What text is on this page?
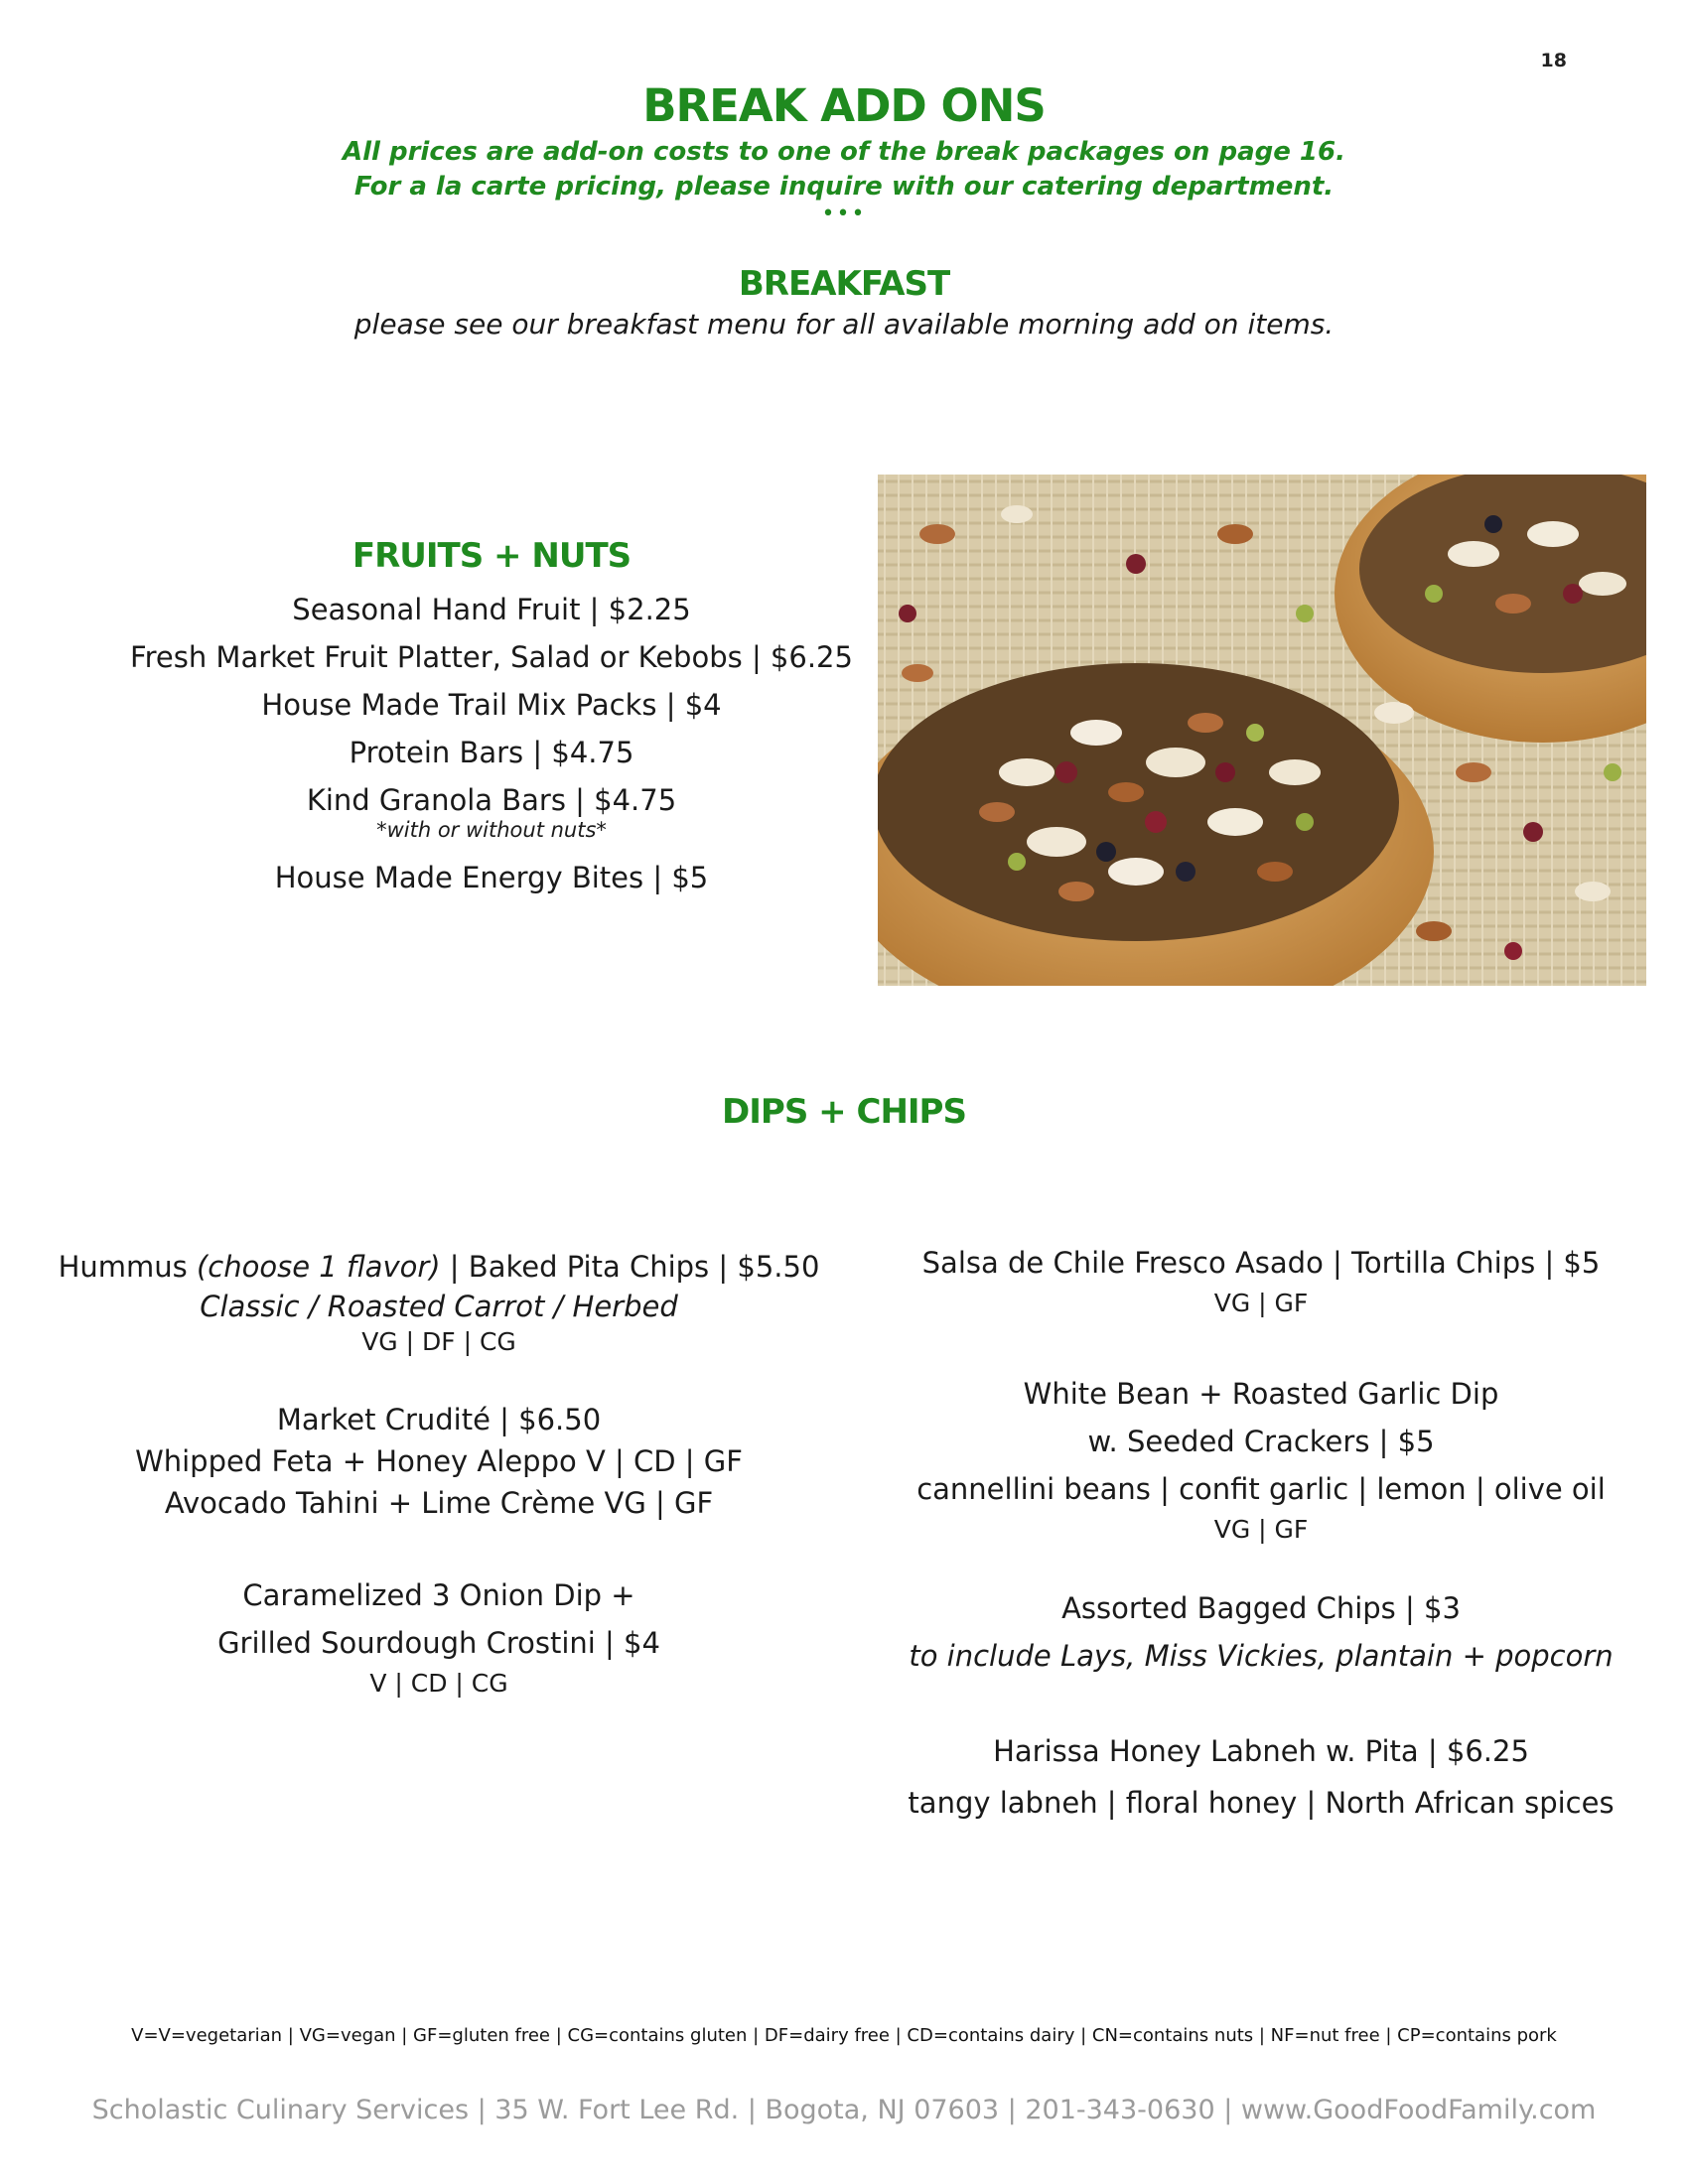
18
BREAK ADD ONS
All prices are add-on costs to one of the break packages on page 16.
For a la carte pricing, please inquire with our catering department.
•••
BREAKFAST
please see our breakfast menu for all available morning add on items.
FRUITS + NUTS
Seasonal Hand Fruit | $2.25
Fresh Market Fruit Platter, Salad or Kebobs | $6.25
House Made Trail Mix Packs | $4
Protein Bars | $4.75
Kind Granola Bars | $4.75
*with or without nuts*
House Made Energy Bites | $5
DIPS + CHIPS
Hummus (choose 1 flavor) | Baked Pita Chips | $5.50
Classic / Roasted Carrot / Herbed
VG | DF | CG
Market Crudité | $6.50
Whipped Feta + Honey Aleppo V | CD | GF
Avocado Tahini + Lime Crème VG | GF
Caramelized 3 Onion Dip +
Grilled Sourdough Crostini | $4
V | CD | CG
Salsa de Chile Fresco Asado | Tortilla Chips | $5
VG | GF
White Bean + Roasted Garlic Dip
w. Seeded Crackers | $5
cannellini beans | confit garlic | lemon | olive oil
VG | GF
Assorted Bagged Chips | $3
to include Lays, Miss Vickies, plantain + popcorn
Harissa Honey Labneh w. Pita | $6.25
tangy labneh | floral honey | North African spices
V=V=vegetarian | VG=vegan | GF=gluten free | CG=contains gluten | DF=dairy free | CD=contains dairy | CN=contains nuts | NF=nut free | CP=contains pork
Scholastic Culinary Services | 35 W. Fort Lee Rd. | Bogota, NJ 07603 | 201-343-0630 | www.GoodFoodFamily.com
